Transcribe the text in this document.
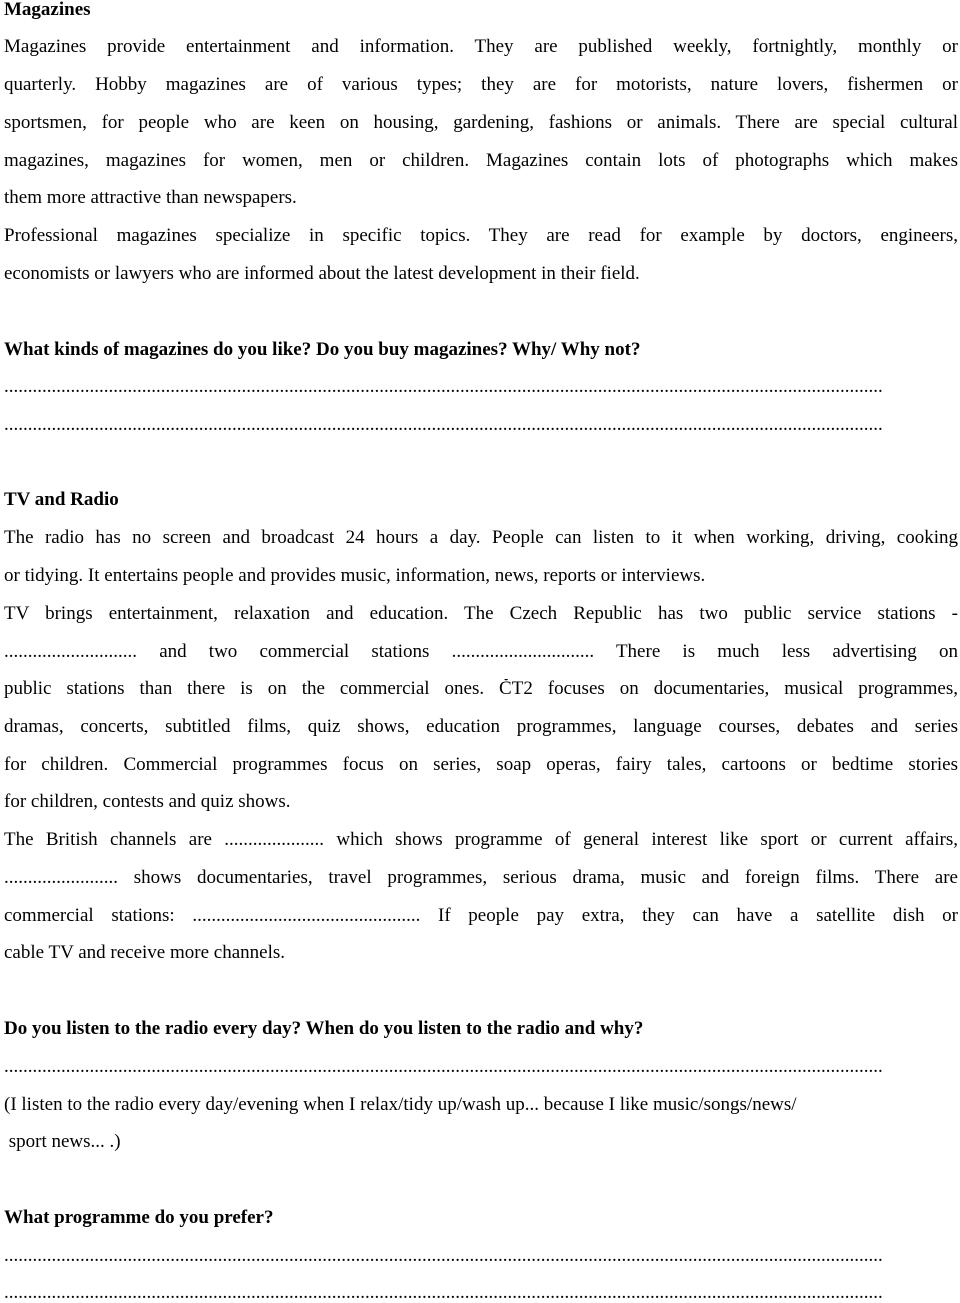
Magazines
Magazines provide entertainment and information. They are published weekly, fortnightly, monthly or
quarterly. Hobby magazines are of various types; they are for motorists, nature lovers, fishermen or
sportsmen, for people who are keen on housing, gardening, fashions or animals. There are special cultural
magazines, magazines for women, men or children. Magazines contain lots of photographs which makes
them more attractive than newspapers.
Professional magazines specialize in specific topics. They are read for example by doctors, engineers,
economists or lawyers who are informed about the latest development in their field.
What kinds of magazines do you like? Do you buy magazines? Why/ Why not?
.........................................................................................................................................................................................
.........................................................................................................................................................................................
TV and Radio
The radio has no screen and broadcast 24 hours a day. People can listen to it when working, driving, cooking
or tidying. It entertains people and provides music, information, news, reports or interviews.
TV brings entertainment, relaxation and education. The Czech Republic has two public service stations -
............................ and two commercial stations .............................. There is much less advertising on
public stations than there is on the commercial ones. ČT2 focuses on documentaries, musical programmes,
dramas, concerts, subtitled films, quiz shows, education programmes, language courses, debates and series
for children. Commercial programmes focus on series, soap operas, fairy tales, cartoons or bedtime stories
for children, contests and quiz shows.
The British channels are ..................... which shows programme of general interest like sport or current affairs,
........................ shows documentaries, travel programmes, serious drama, music and foreign films. There are
commercial stations: ................................................ If people pay extra, they can have a satellite dish or
cable TV and receive more channels.
Do you listen to the radio every day? When do you listen to the radio and why?
.........................................................................................................................................................................................
(I listen to the radio every day/evening when I relax/tidy up/wash up... because I like music/songs/news/
sport news... .)
What programme do you prefer?
.........................................................................................................................................................................................
.........................................................................................................................................................................................
